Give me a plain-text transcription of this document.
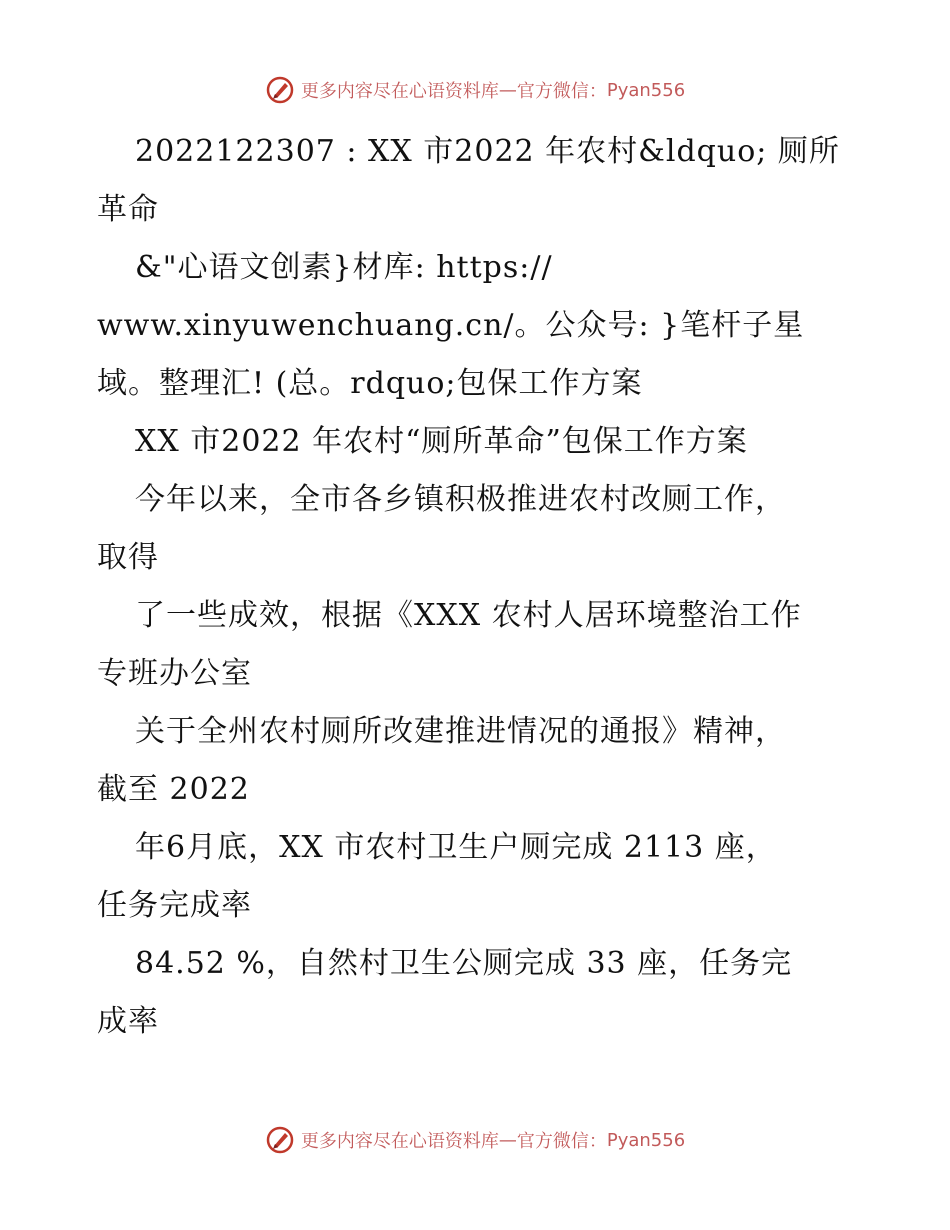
更多内容尽在心语资料库 — 官方微信： Pyan556
2022122307 : XX 市2022 年农村&ldquo; 厕所
革命
&"心语文创素}材库: https://
www.xinyuwenchuang.cn/。公众号: }笔杆子星
域。整理汇! (总。rdquo;包保工作方案
XX 市2022 年农村“厕所革命”包保工作方案
今年以来，全市各乡镇积极推进农村改厕工作，
取得
了一些成效，根据《XXX 农村人居环境整治工作
专班办公室
关于全州农村厕所改建推进情况的通报》精神，
截至 2022
年6月底，XX 市农村卫生户厕完成 2113 座，
任务完成率
84.52 %，自然村卫生公厕完成 33 座，任务完
成率
更多内容尽在心语资料库 — 官方微信： Pyan556
